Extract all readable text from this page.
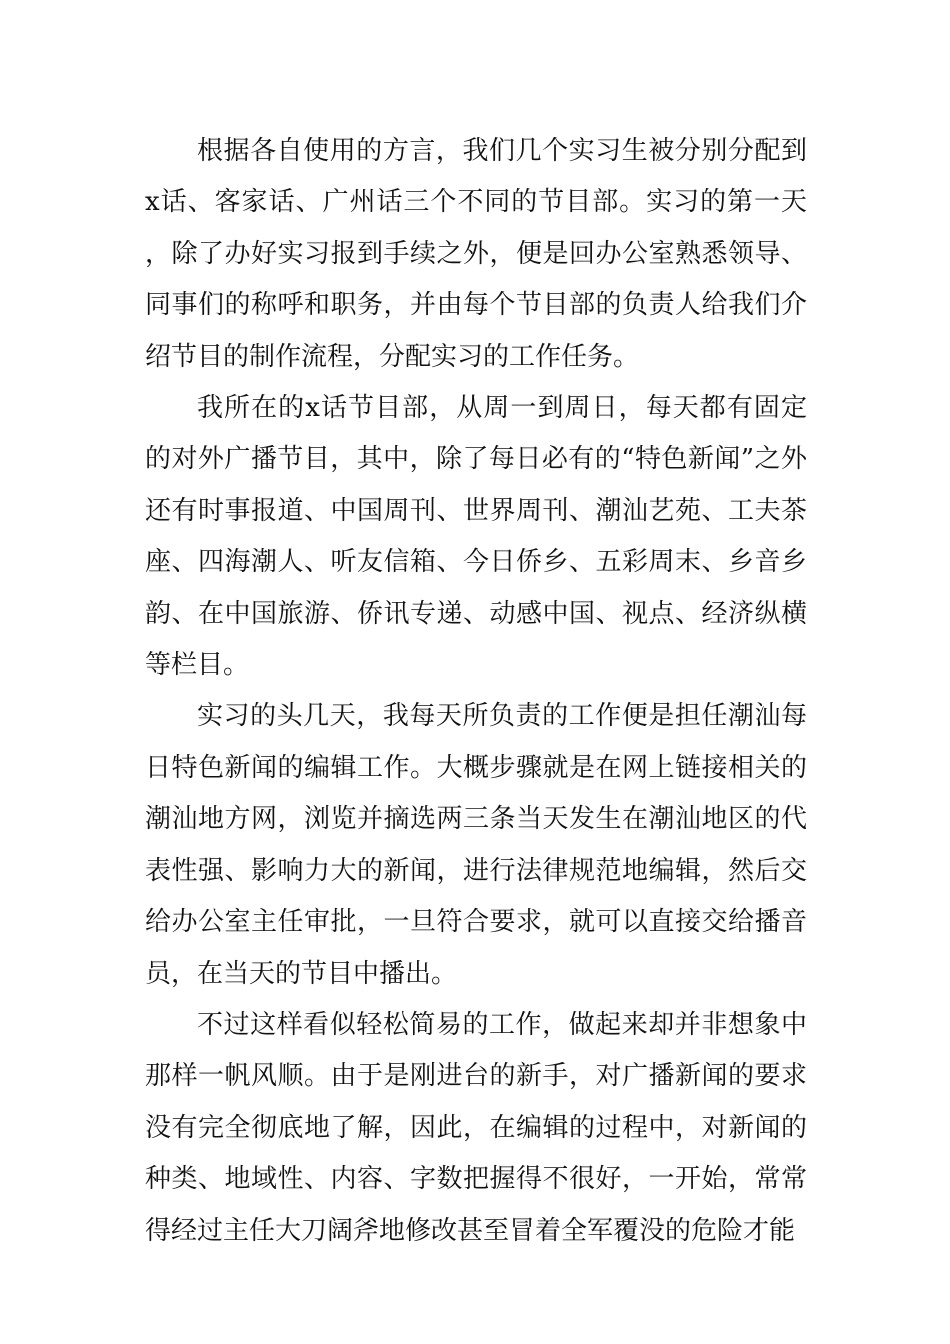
根据各自使用的方言，我们几个实习生被分别分配到x话、客家话、广州话三个不同的节目部。实习的第一天，除了办好实习报到手续之外，便是回办公室熟悉领导、同事们的称呼和职务，并由每个节目部的负责人给我们介绍节目的制作流程，分配实习的工作任务。

我所在的x话节目部，从周一到周日，每天都有固定的对外广播节目，其中，除了每日必有的“特色新闻”之外还有时事报道、中国周刊、世界周刊、潮汕艺苑、工夫茶座、四海潮人、听友信箱、今日侨乡、五彩周末、乡音乡韵、在中国旅游、侨讯专递、动感中国、视点、经济纵横等栏目。

实习的头几天，我每天所负责的工作便是担任潮汕每日特色新闻的编辑工作。大概步骤就是在网上链接相关的潮汕地方网，浏览并摘选两三条当天发生在潮汕地区的代表性强、影响力大的新闻，进行法律规范地编辑，然后交给办公室主任审批，一旦符合要求，就可以直接交给播音员，在当天的节目中播出。

不过这样看似轻松简易的工作，做起来却并非想象中那样一帆风顺。由于是刚进台的新手，对广播新闻的要求没有完全彻底地了解，因此，在编辑的过程中，对新闻的种类、地域性、内容、字数把握得不很好，一开始，常常得经过主任大刀阔斧地修改甚至冒着全军覆没的危险才能
